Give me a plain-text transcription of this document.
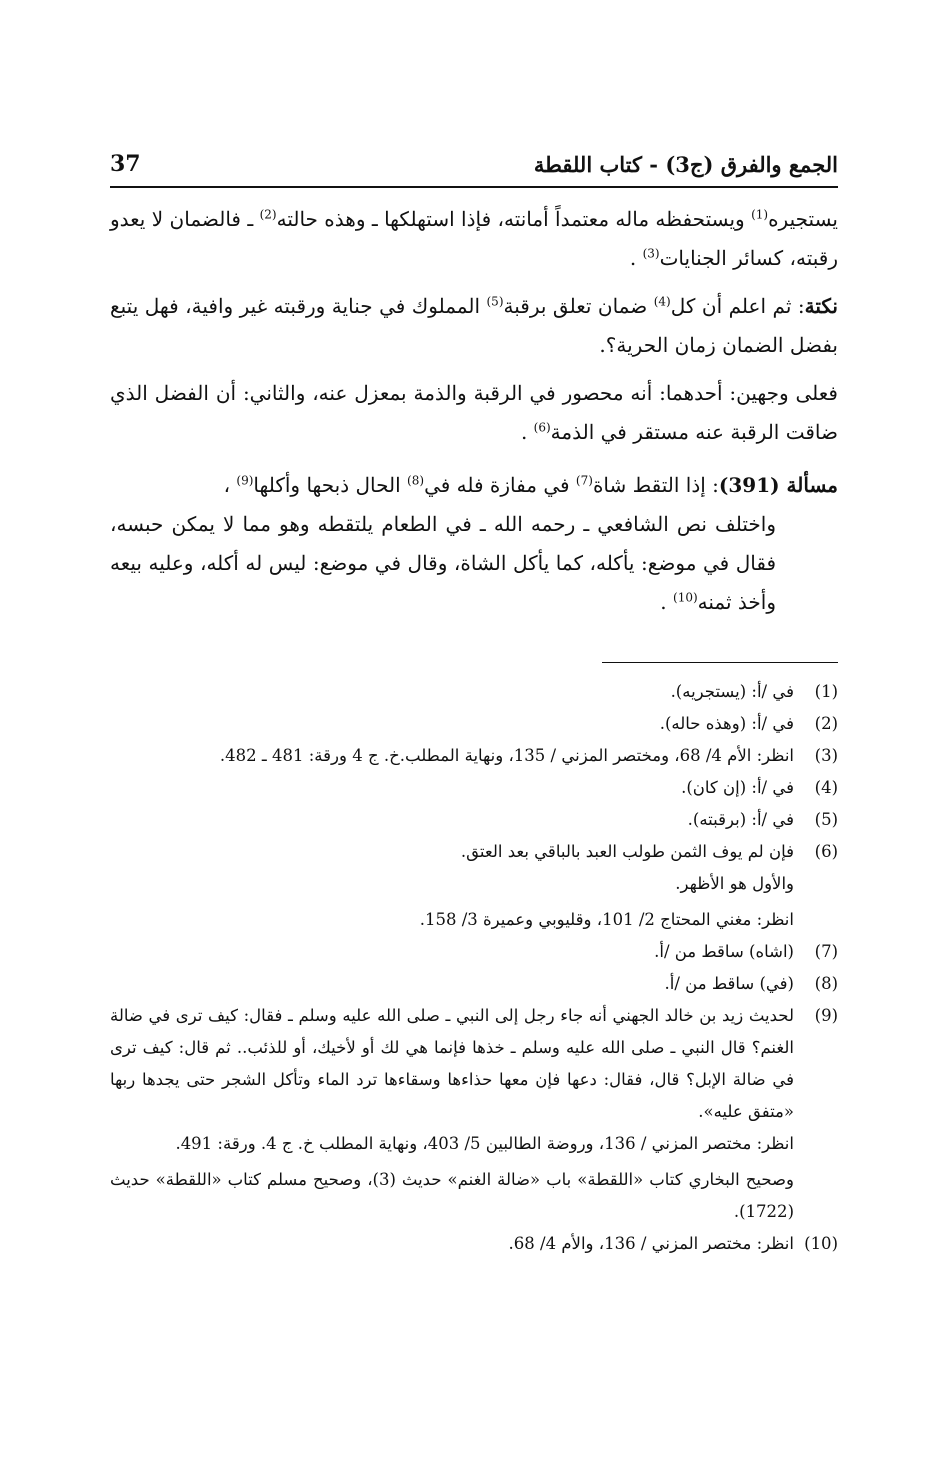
الجمع والفرق (ج3) - كتاب اللقطة
37

يستجيره$^{(1)}$ ويستحفظه ماله معتمداً أمانته، فإذا استهلكها ـ وهذه حالته$^{(2)}$ ـ فالضمان لا يعدو رقبته، كسائر الجنايات$^{(3)}$ .

نكتة: ثم اعلم أن كل$^{(4)}$ ضمان تعلق برقبة$^{(5)}$ المملوك في جناية ورقبته غير وافية، فهل يتبع بفضل الضمان زمان الحرية؟.

فعلى وجهين: أحدهما: أنه محصور في الرقبة والذمة بمعزل عنه، والثاني: أن الفضل الذي ضاقت الرقبة عنه مستقر في الذمة$^{(6)}$ .

مسألة (391): إذا التقط شاة$^{(7)}$ في مفازة فله في$^{(8)}$ الحال ذبحها وأكلها$^{(9)}$ ،
واختلف نص الشافعي ـ رحمه الله ـ في الطعام يلتقطه وهو مما لا يمكن حبسه، فقال في موضع: يأكله، كما يأكل الشاة، وقال في موضع: ليس له أكله، وعليه بيعه وأخذ ثمنه$^{(10)}$ .

(1)
في /أ: (يستجريه).
(2)
في /أ: (وهذه حاله).
(3)
انظر: الأم 4/ 68، ومختصر المزني / 135، ونهاية المطلب.خ. ج 4 ورقة: 481 ـ 482.
(4)
في /أ: (إن كان).
(5)
في /أ: (برقبته).
(6)
فإن لم يوف الثمن طولب العبد بالباقي بعد العتق.
والأول هو الأظهر.
انظر: مغني المحتاج 2/ 101، وقليوبي وعميرة 3/ 158.
(7)
(اشاه) ساقط من /أ.
(8)
(في) ساقط من /أ.
(9)
لحديث زيد بن خالد الجهني أنه جاء رجل إلى النبي ـ صلى الله عليه وسلم ـ فقال: كيف ترى في ضالة الغنم؟ قال النبي ـ صلى الله عليه وسلم ـ خذها فإنما هي لك أو لأخيك، أو للذئب.. ثم قال: كيف ترى في ضالة الإبل؟ قال، فقال: دعها فإن معها حذاءها وسقاءها ترد الماء وتأكل الشجر حتى يجدها ربها «متفق عليه».
انظر: مختصر المزني / 136، وروضة الطالبين 5/ 403، ونهاية المطلب خ. ج 4. ورقة: 491.
وصحيح البخاري كتاب «اللقطة» باب «ضالة الغنم» حديث (3)، وصحيح مسلم كتاب «اللقطة» حديث (1722).
(10)
انظر: مختصر المزني / 136، والأم 4/ 68.
